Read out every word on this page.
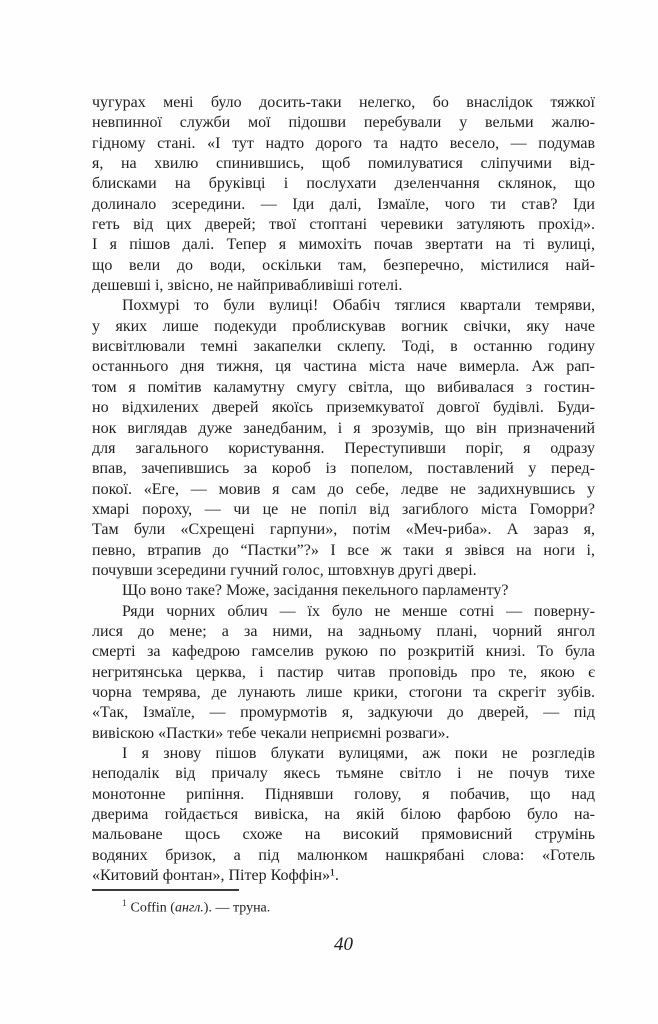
чугурах мені було досить-таки нелегко, бо внаслідок тяжкої
невпинної служби мої підошви перебували у вельми жалю-
гідному стані. «І тут надто дорого та надто весело, — подумав
я, на хвилю спинившись, щоб помилуватися сліпучими від-
блисками на бруківці і послухати дзеленчання склянок, що
долинало зсередини. — Іди далі, Ізмаїле, чого ти став? Іди
геть від цих дверей; твої стоптані черевики затуляють прохід».
І я пішов далі. Тепер я мимохіть почав звертати на ті вулиці,
що вели до води, оскільки там, безперечно, містилися най-
дешевші і, звісно, не найпривабливіші готелі.

Похмурі то були вулиці! Обабіч тяглися квартали темряви,
у яких лише подекуди проблискував вогник свічки, яку наче
висвітлювали темні закапелки склепу. Тоді, в останню годину
останнього дня тижня, ця частина міста наче вимерла. Аж рап-
том я помітив каламутну смугу світла, що вибивалася з гостин-
но відхилених дверей якоїсь приземкуватої довгої будівлі. Буди-
нок виглядав дуже занедбаним, і я зрозумів, що він призначений
для загального користування. Переступивши поріг, я одразу
впав, зачепившись за короб із попелом, поставлений у перед-
покої. «Еге, — мовив я сам до себе, ледве не задихнувшись у
хмарі пороху, — чи це не попіл від загиблого міста Гоморри?
Там були «Схрещені гарпуни», потім «Меч-риба». А зараз я,
певно, втрапив до “Пастки”?» І все ж таки я звівся на ноги і,
почувши зсередини гучний голос, штовхнув другі двері.

Що воно таке? Може, засідання пекельного парламенту?

Ряди чорних облич — їх було не менше сотні — поверну-
лися до мене; а за ними, на задньому плані, чорний янгол
смерті за кафедрою гамселив рукою по розкритій книзі. То була
негритянська церква, і пастир читав проповідь про те, якою є
чорна темрява, де лунають лише крики, стогони та скрегіт зубів.
«Так, Ізмаїле, — промурмотів я, задкуючи до дверей, — під
вивіскою «Пастки» тебе чекали неприємні розваги».

І я знову пішов блукати вулицями, аж поки не розгледів
неподалік від причалу якесь тьмяне світло і не почув тихе
монотонне рипіння. Піднявши голову, я побачив, що над
дверима гойдається вивіска, на якій білою фарбою було на-
мальоване щось схоже на високий прямовисний струмінь
водяних бризок, а під малюнком нашкрябані слова: «Готель
«Китовий фонтан», Пітер Коффін»¹.

$^1$ Coffin (англ.). — труна.
40
